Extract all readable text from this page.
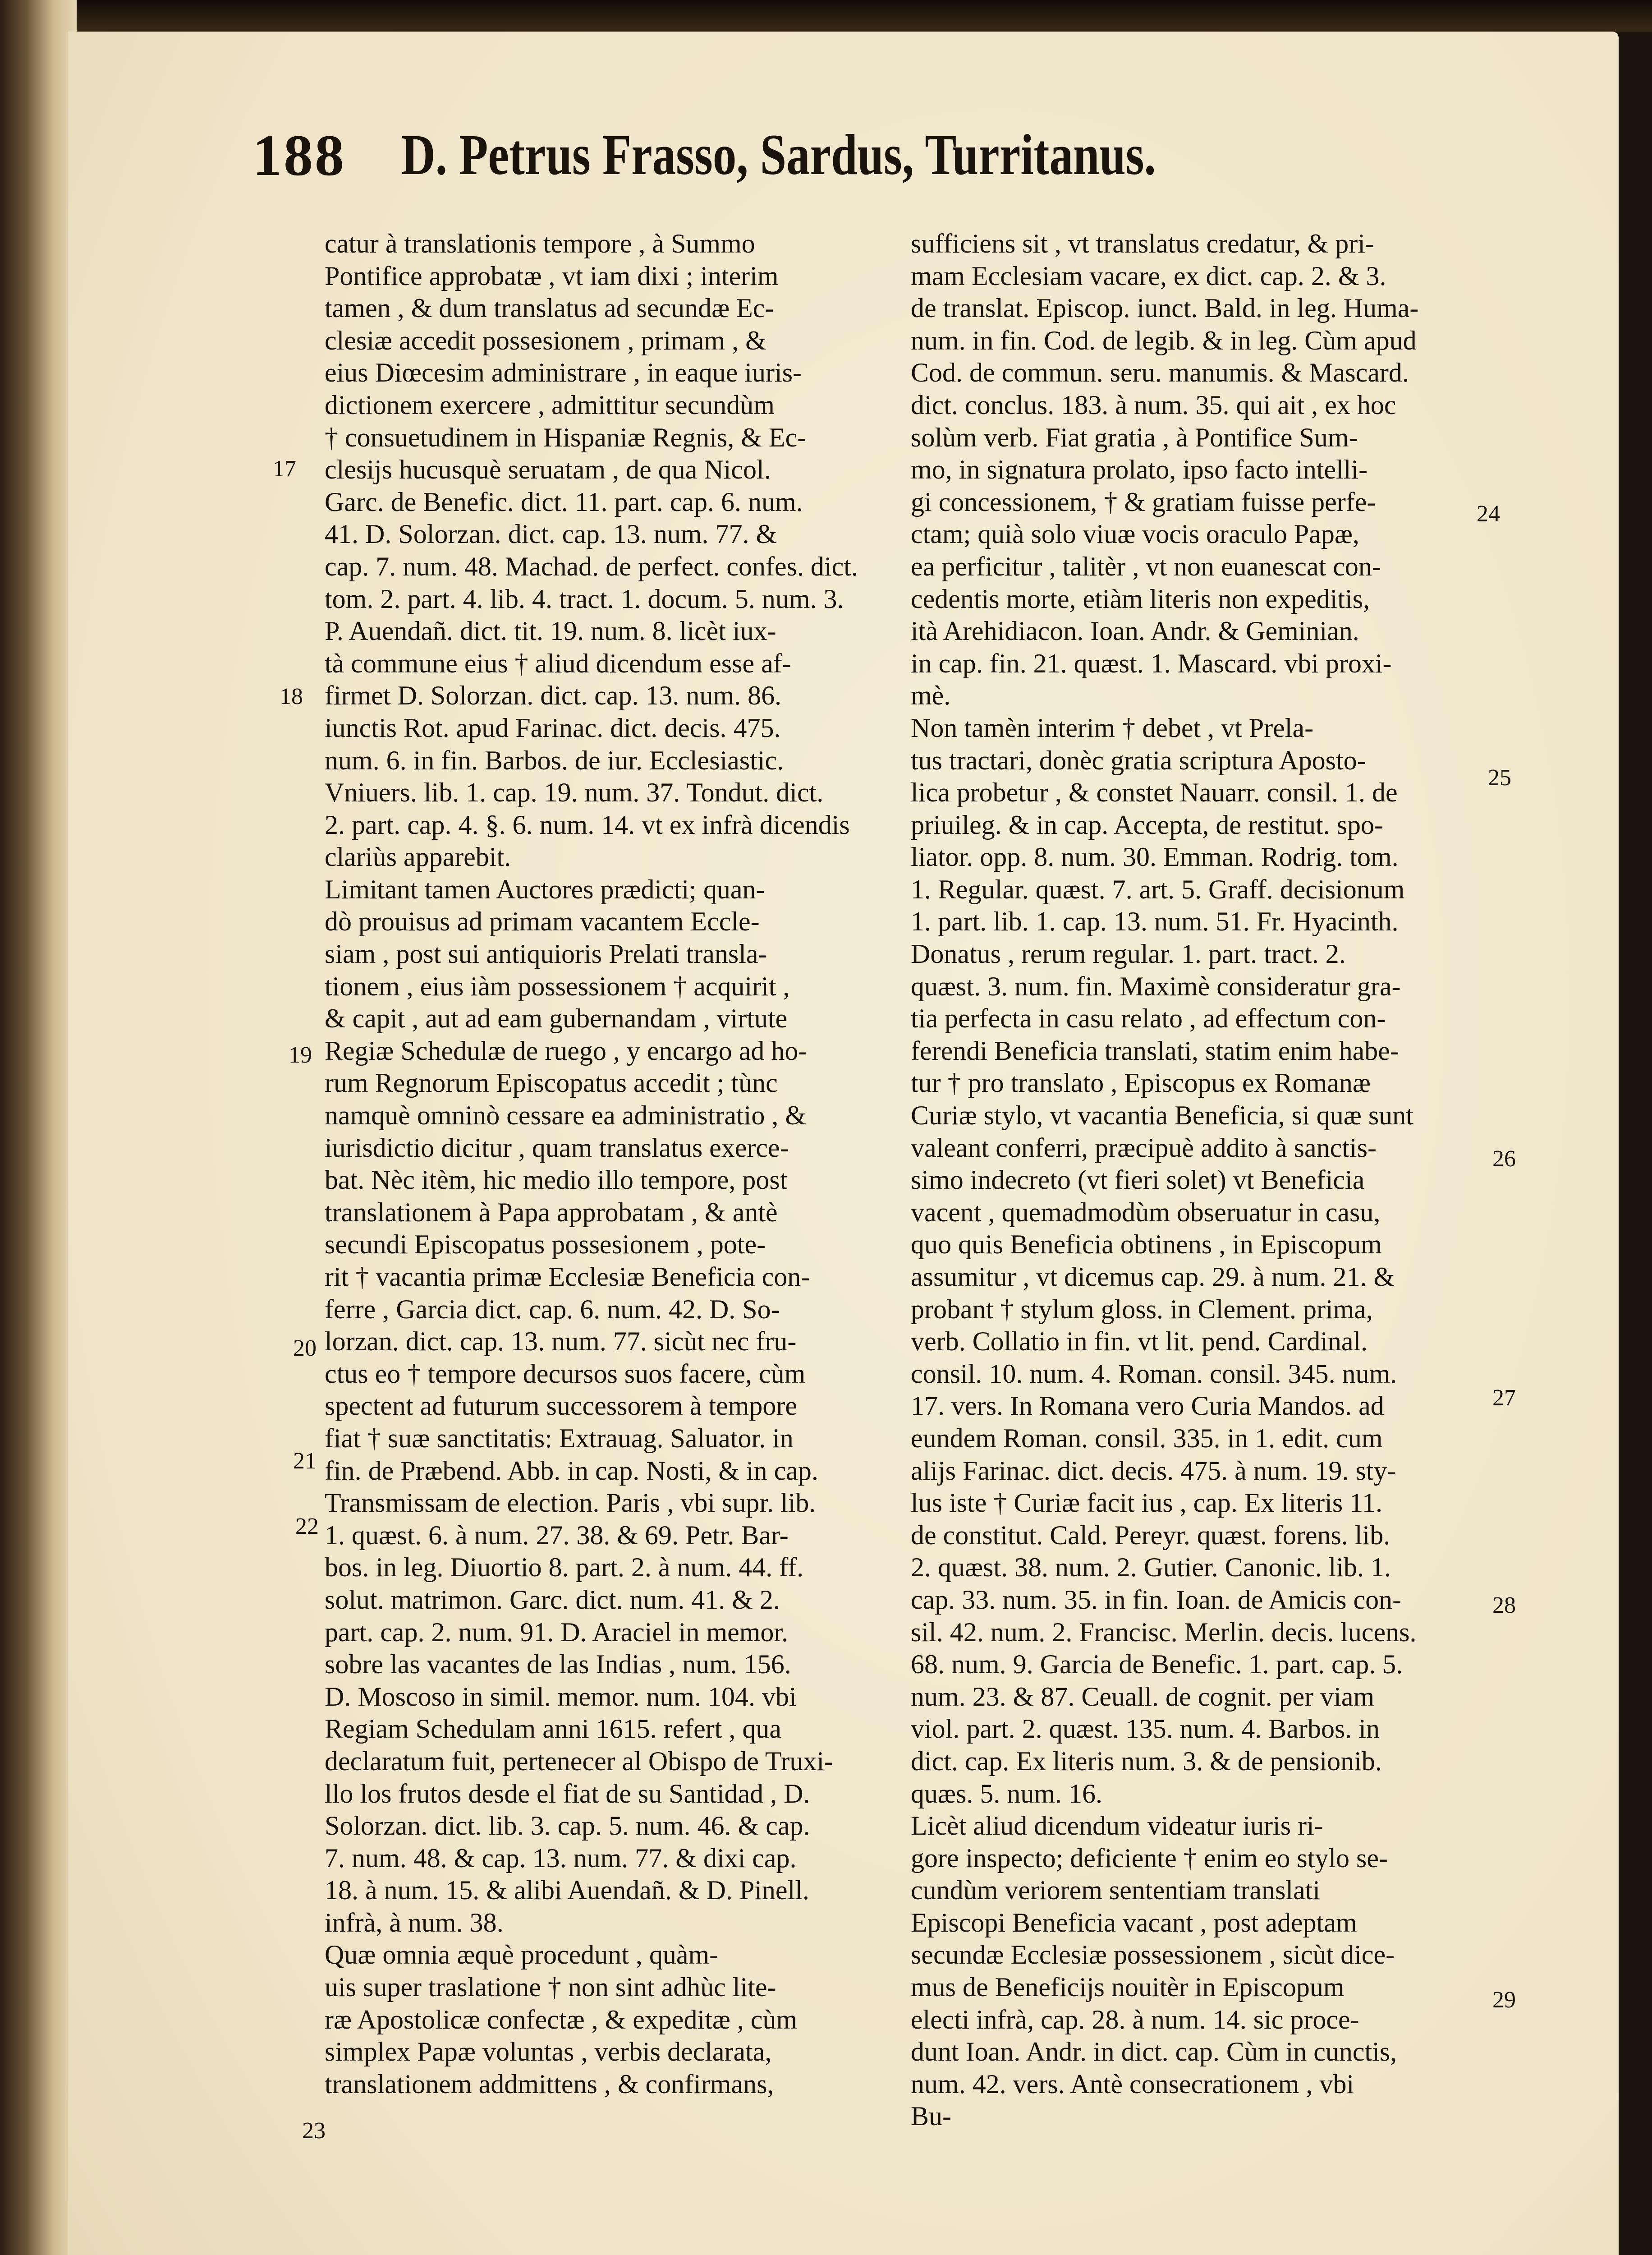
188 D. Petrus Frasso, Sardus, Turritanus.
catur à translationis tempore , à Summo
Pontifice approbatæ , vt iam dixi ; interim
tamen , & dum translatus ad secundæ Ec-
clesiæ accedit possesionem , primam , &
eius Diœcesim administrare , in eaque iuris-
dictionem exercere , admittitur secundùm
† consuetudinem in Hispaniæ Regnis, & Ec-
clesijs hucusquè seruatam , de qua Nicol.
Garc. de Benefic. dict. 11. part. cap. 6. num.
41. D. Solorzan. dict. cap. 13. num. 77. &
cap. 7. num. 48. Machad. de perfect. confes. dict.
tom. 2. part. 4. lib. 4. tract. 1. docum. 5. num. 3.
P. Auendañ. dict. tit. 19. num. 8. licèt iux-
tà commune eius † aliud dicendum esse af-
firmet D. Solorzan. dict. cap. 13. num. 86.
iunctis Rot. apud Farinac. dict. decis. 475.
num. 6. in fin. Barbos. de iur. Ecclesiastic.
Vniuers. lib. 1. cap. 19. num. 37. Tondut. dict.
2. part. cap. 4. §. 6. num. 14. vt ex infrà dicendis
clariùs apparebit.
Limitant tamen Auctores prædicti; quan-
dò prouisus ad primam vacantem Eccle-
siam , post sui antiquioris Prelati transla-
tionem , eius iàm possessionem † acquirit ,
& capit , aut ad eam gubernandam , virtute
Regiæ Schedulæ de ruego , y encargo ad ho-
rum Regnorum Episcopatus accedit ; tùnc
namquè omninò cessare ea administratio , &
iurisdictio dicitur , quam translatus exerce-
bat. Nèc itèm, hic medio illo tempore, post
translationem à Papa approbatam , & antè
secundi Episcopatus possesionem , pote-
rit † vacantia primæ Ecclesiæ Beneficia con-
ferre , Garcia dict. cap. 6. num. 42. D. So-
lorzan. dict. cap. 13. num. 77. sicùt nec fru-
ctus eo † tempore decursos suos facere, cùm
spectent ad futurum successorem à tempore
fiat † suæ sanctitatis: Extrauag. Saluator. in
fin. de Præbend. Abb. in cap. Nosti, & in cap.
Transmissam de election. Paris , vbi supr. lib.
1. quæst. 6. à num. 27. 38. & 69. Petr. Bar-
bos. in leg. Diuortio 8. part. 2. à num. 44. ff.
solut. matrimon. Garc. dict. num. 41. & 2.
part. cap. 2. num. 91. D. Araciel in memor.
sobre las vacantes de las Indias , num. 156.
D. Moscoso in simil. memor. num. 104. vbi
Regiam Schedulam anni 1615. refert , qua
declaratum fuit, pertenecer al Obispo de Truxi-
llo los frutos desde el fiat de su Santidad , D.
Solorzan. dict. lib. 3. cap. 5. num. 46. & cap.
7. num. 48. & cap. 13. num. 77. & dixi cap.
18. à num. 15. & alibi Auendañ. & D. Pinell.
infrà, à num. 38.
Quæ omnia æquè procedunt , quàm-
uis super traslatione † non sint adhùc lite-
ræ Apostolicæ confectæ , & expeditæ , cùm
simplex Papæ voluntas , verbis declarata,
translationem addmittens , & confirmans,
sufficiens sit , vt translatus credatur, & pri-
mam Ecclesiam vacare, ex dict. cap. 2. & 3.
de translat. Episcop. iunct. Bald. in leg. Huma-
num. in fin. Cod. de legib. & in leg. Cùm apud
Cod. de commun. seru. manumis. & Mascard.
dict. conclus. 183. à num. 35. qui ait , ex hoc
solùm verb. Fiat gratia , à Pontifice Sum-
mo, in signatura prolato, ipso facto intelli-
gi concessionem, † & gratiam fuisse perfe-
ctam; quià solo viuæ vocis oraculo Papæ,
ea perficitur , talitèr , vt non euanescat con-
cedentis morte, etiàm literis non expeditis,
ità Arehidiacon. Ioan. Andr. & Geminian.
in cap. fin. 21. quæst. 1. Mascard. vbi proxi-
mè.
Non tamèn interim † debet , vt Prela-
tus tractari, donèc gratia scriptura Aposto-
lica probetur , & constet Nauarr. consil. 1. de
priuileg. & in cap. Accepta, de restitut. spo-
liator. opp. 8. num. 30. Emman. Rodrig. tom.
1. Regular. quæst. 7. art. 5. Graff. decisionum
1. part. lib. 1. cap. 13. num. 51. Fr. Hyacinth.
Donatus , rerum regular. 1. part. tract. 2.
quæst. 3. num. fin. Maximè consideratur gra-
tia perfecta in casu relato , ad effectum con-
ferendi Beneficia translati, statim enim habe-
tur † pro translato , Episcopus ex Romanæ
Curiæ stylo, vt vacantia Beneficia, si quæ sunt
valeant conferri, præcipuè addito à sanctis-
simo indecreto (vt fieri solet) vt Beneficia
vacent , quemadmodùm obseruatur in casu,
quo quis Beneficia obtinens , in Episcopum
assumitur , vt dicemus cap. 29. à num. 21. &
probant † stylum gloss. in Clement. prima,
verb. Collatio in fin. vt lit. pend. Cardinal.
consil. 10. num. 4. Roman. consil. 345. num.
17. vers. In Romana vero Curia Mandos. ad
eundem Roman. consil. 335. in 1. edit. cum
alijs Farinac. dict. decis. 475. à num. 19. sty-
lus iste † Curiæ facit ius , cap. Ex literis 11.
de constitut. Cald. Pereyr. quæst. forens. lib.
2. quæst. 38. num. 2. Gutier. Canonic. lib. 1.
cap. 33. num. 35. in fin. Ioan. de Amicis con-
sil. 42. num. 2. Francisc. Merlin. decis. lucens.
68. num. 9. Garcia de Benefic. 1. part. cap. 5.
num. 23. & 87. Ceuall. de cognit. per viam
viol. part. 2. quæst. 135. num. 4. Barbos. in
dict. cap. Ex literis num. 3. & de pensionib.
quæs. 5. num. 16.
Licèt aliud dicendum videatur iuris ri-
gore inspecto; deficiente † enim eo stylo se-
cundùm veriorem sententiam translati
Episcopi Beneficia vacant , post adeptam
secundæ Ecclesiæ possessionem , sicùt dice-
mus de Beneficijs nouitèr in Episcopum
electi infrà, cap. 28. à num. 14. sic proce-
dunt Ioan. Andr. in dict. cap. Cùm in cunctis,
num. 42. vers. Antè consecrationem , vbi
Bu-
17
18
19
20
21
22
23
24
25
26
27
28
29
